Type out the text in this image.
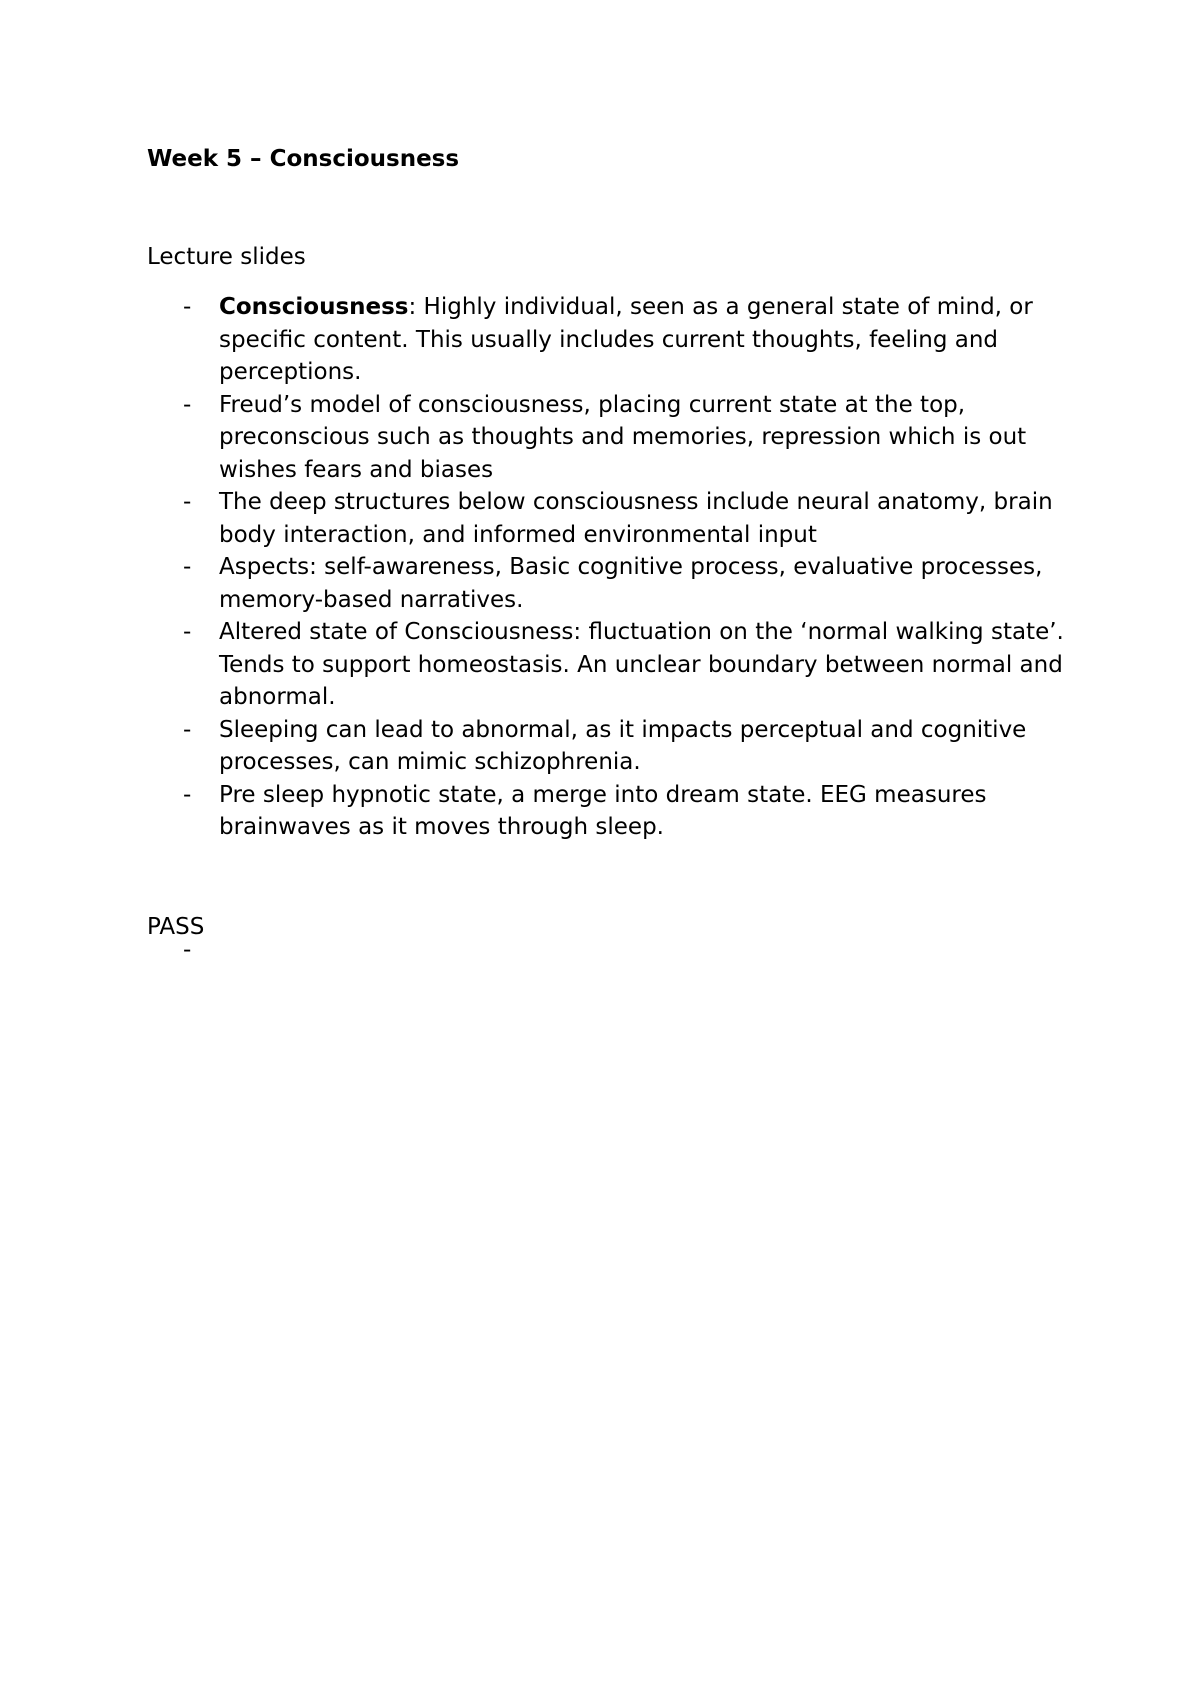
Week 5 – Consciousness
Lecture slides
- Consciousness: Highly individual, seen as a general state of mind, or specific content. This usually includes current thoughts, feeling and perceptions.
- Freud’s model of consciousness, placing current state at the top, preconscious such as thoughts and memories, repression which is out wishes fears and biases
- The deep structures below consciousness include neural anatomy, brain body interaction, and informed environmental input
- Aspects: self-awareness, Basic cognitive process, evaluative processes, memory-based narratives.
- Altered state of Consciousness: fluctuation on the ‘normal walking state’. Tends to support homeostasis. An unclear boundary between normal and abnormal.
- Sleeping can lead to abnormal, as it impacts perceptual and cognitive processes, can mimic schizophrenia.
- Pre sleep hypnotic state, a merge into dream state. EEG measures brainwaves as it moves through sleep.
PASS
-
